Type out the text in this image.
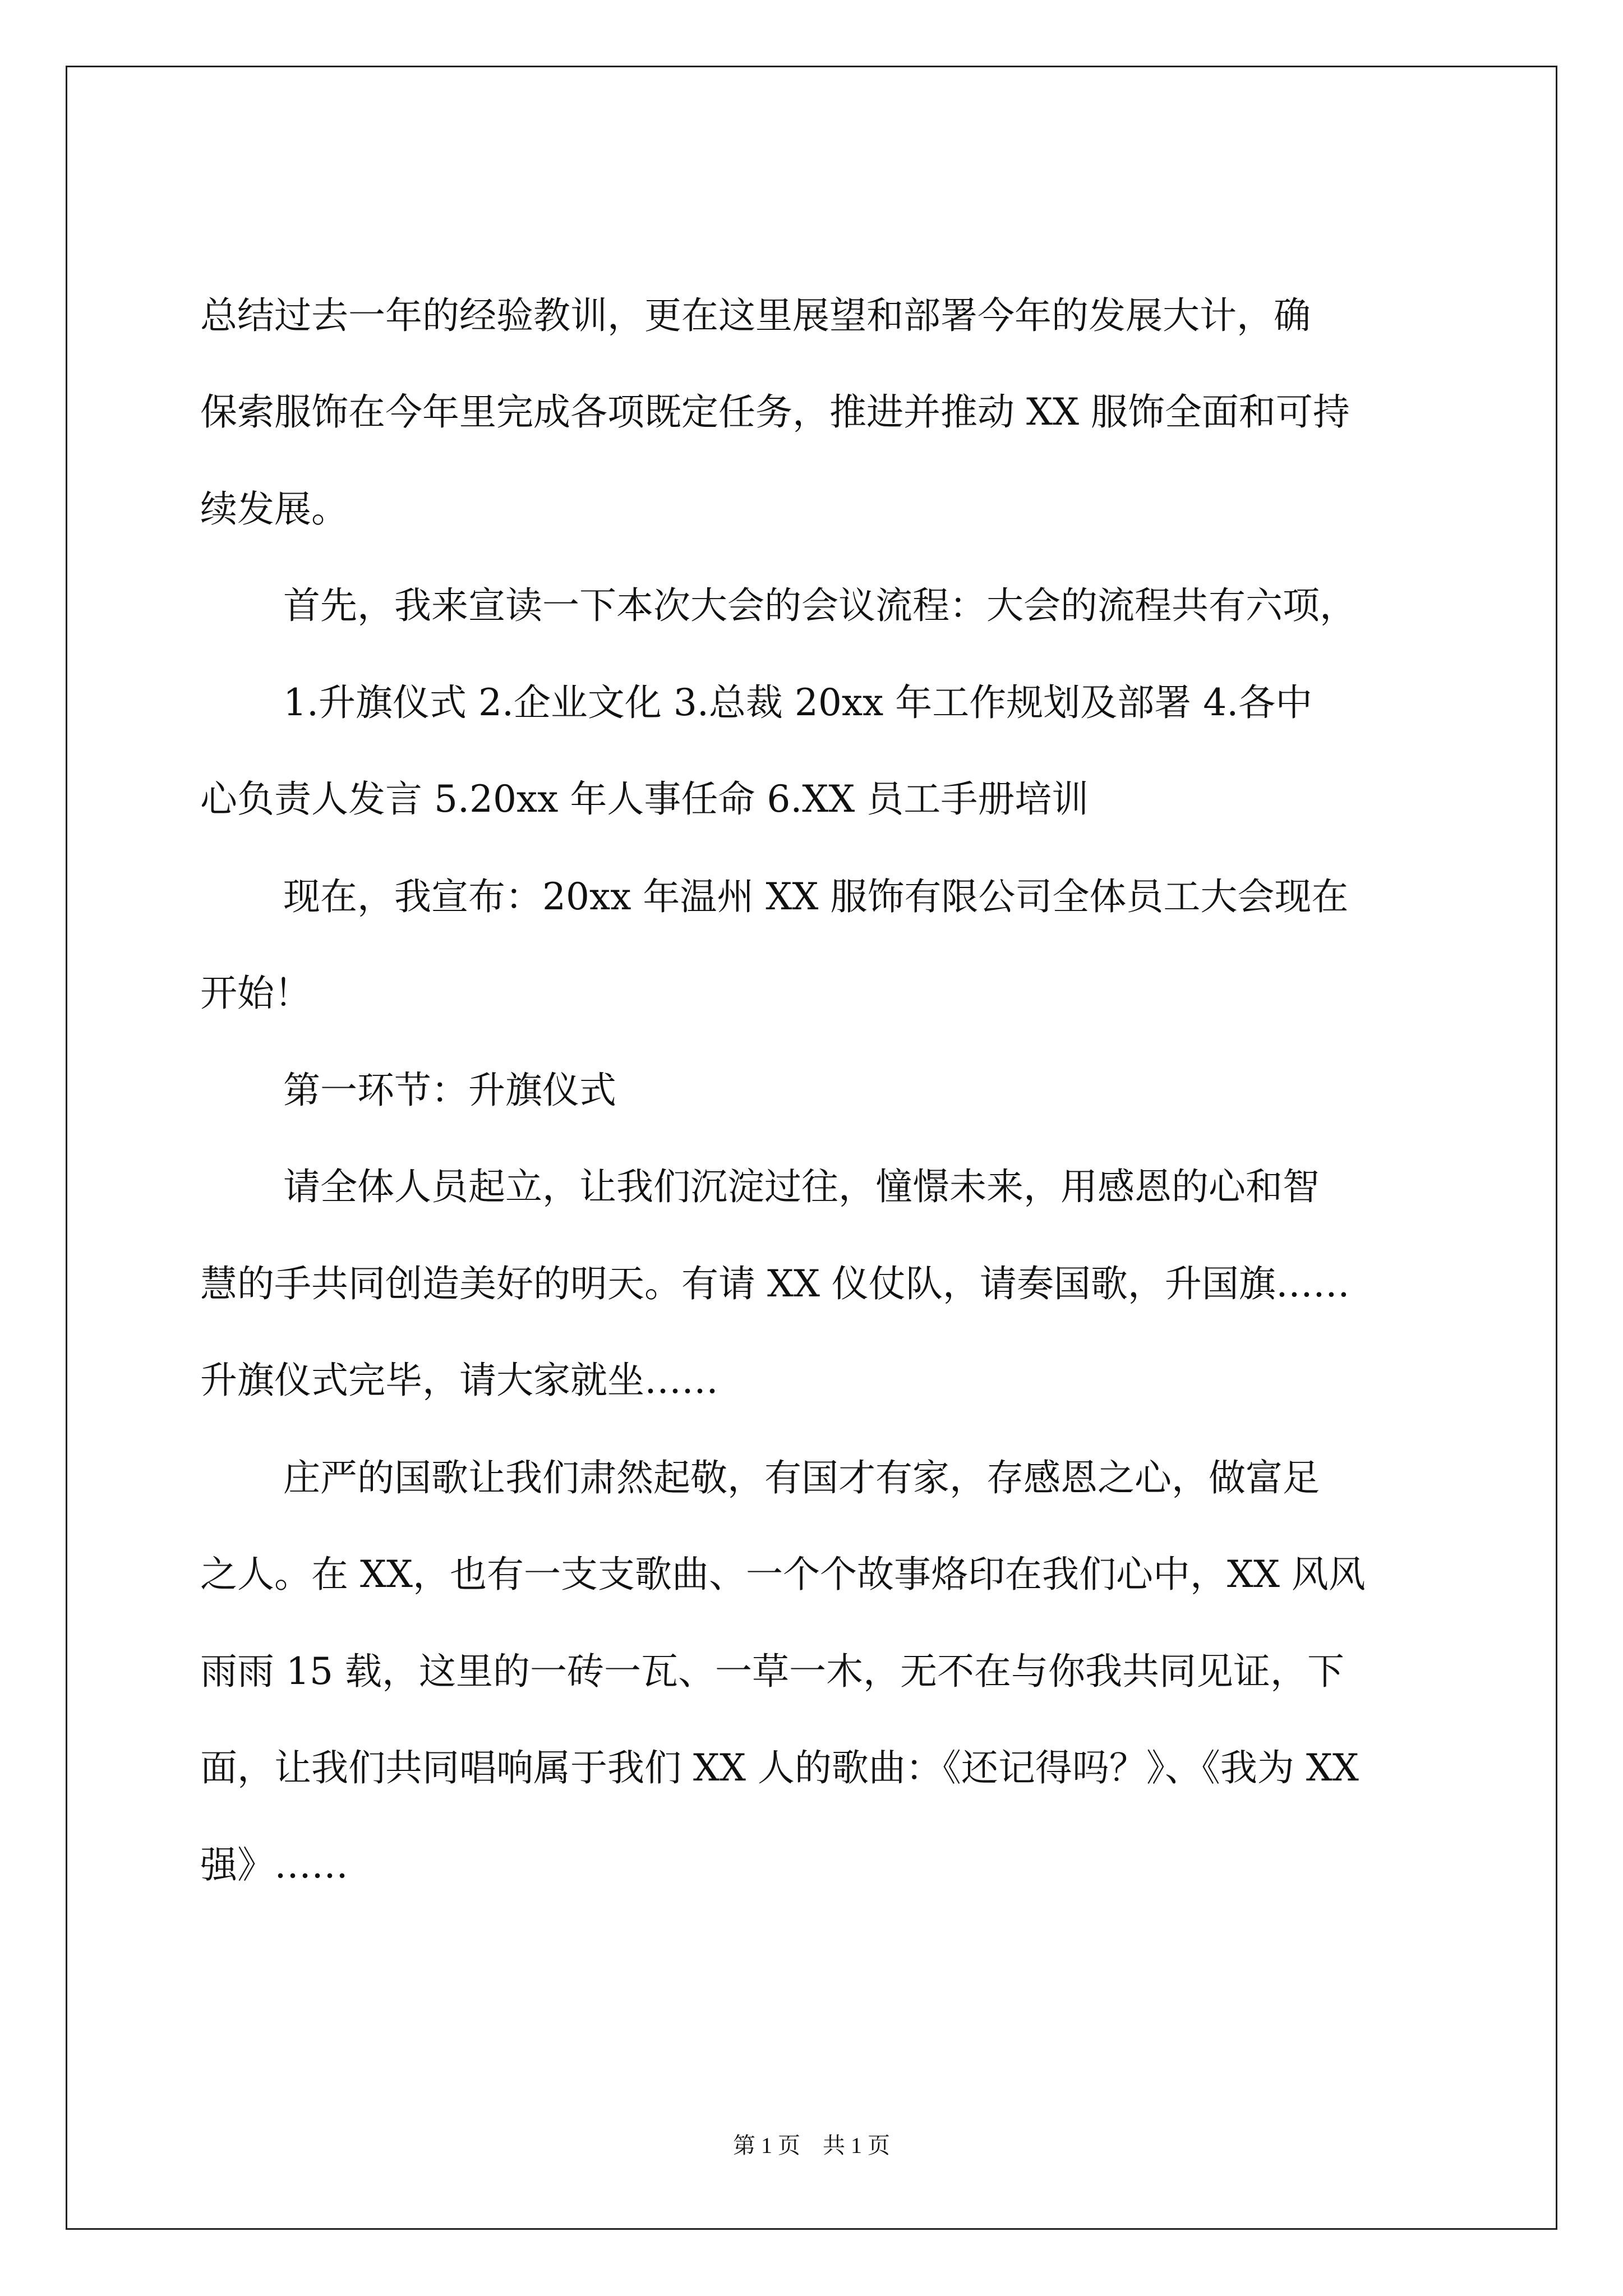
总结过去一年的经验教训，更在这里展望和部署今年的发展大计，确
保索服饰在今年里完成各项既定任务，推进并推动 XX 服饰全面和可持
续发展。
首先，我来宣读一下本次大会的会议流程：大会的流程共有六项，
1.升旗仪式 2.企业文化 3.总裁 20xx 年工作规划及部署 4.各中
心负责人发言 5.20xx 年人事任命 6.XX 员工手册培训
现在，我宣布：20xx 年温州 XX 服饰有限公司全体员工大会现在
开始！
第一环节：升旗仪式
请全体人员起立，让我们沉淀过往，憧憬未来，用感恩的心和智
慧的手共同创造美好的明天。有请 XX 仪仗队，请奏国歌，升国旗……
升旗仪式完毕，请大家就坐……
庄严的国歌让我们肃然起敬，有国才有家，存感恩之心，做富足
之人。在 XX，也有一支支歌曲、一个个故事烙印在我们心中，XX 风风
雨雨 15 载，这里的一砖一瓦、一草一木，无不在与你我共同见证，下
面，让我们共同唱响属于我们 XX 人的歌曲：《还记得吗？》、《我为 XX
强》……
第 1 页    共 1 页
